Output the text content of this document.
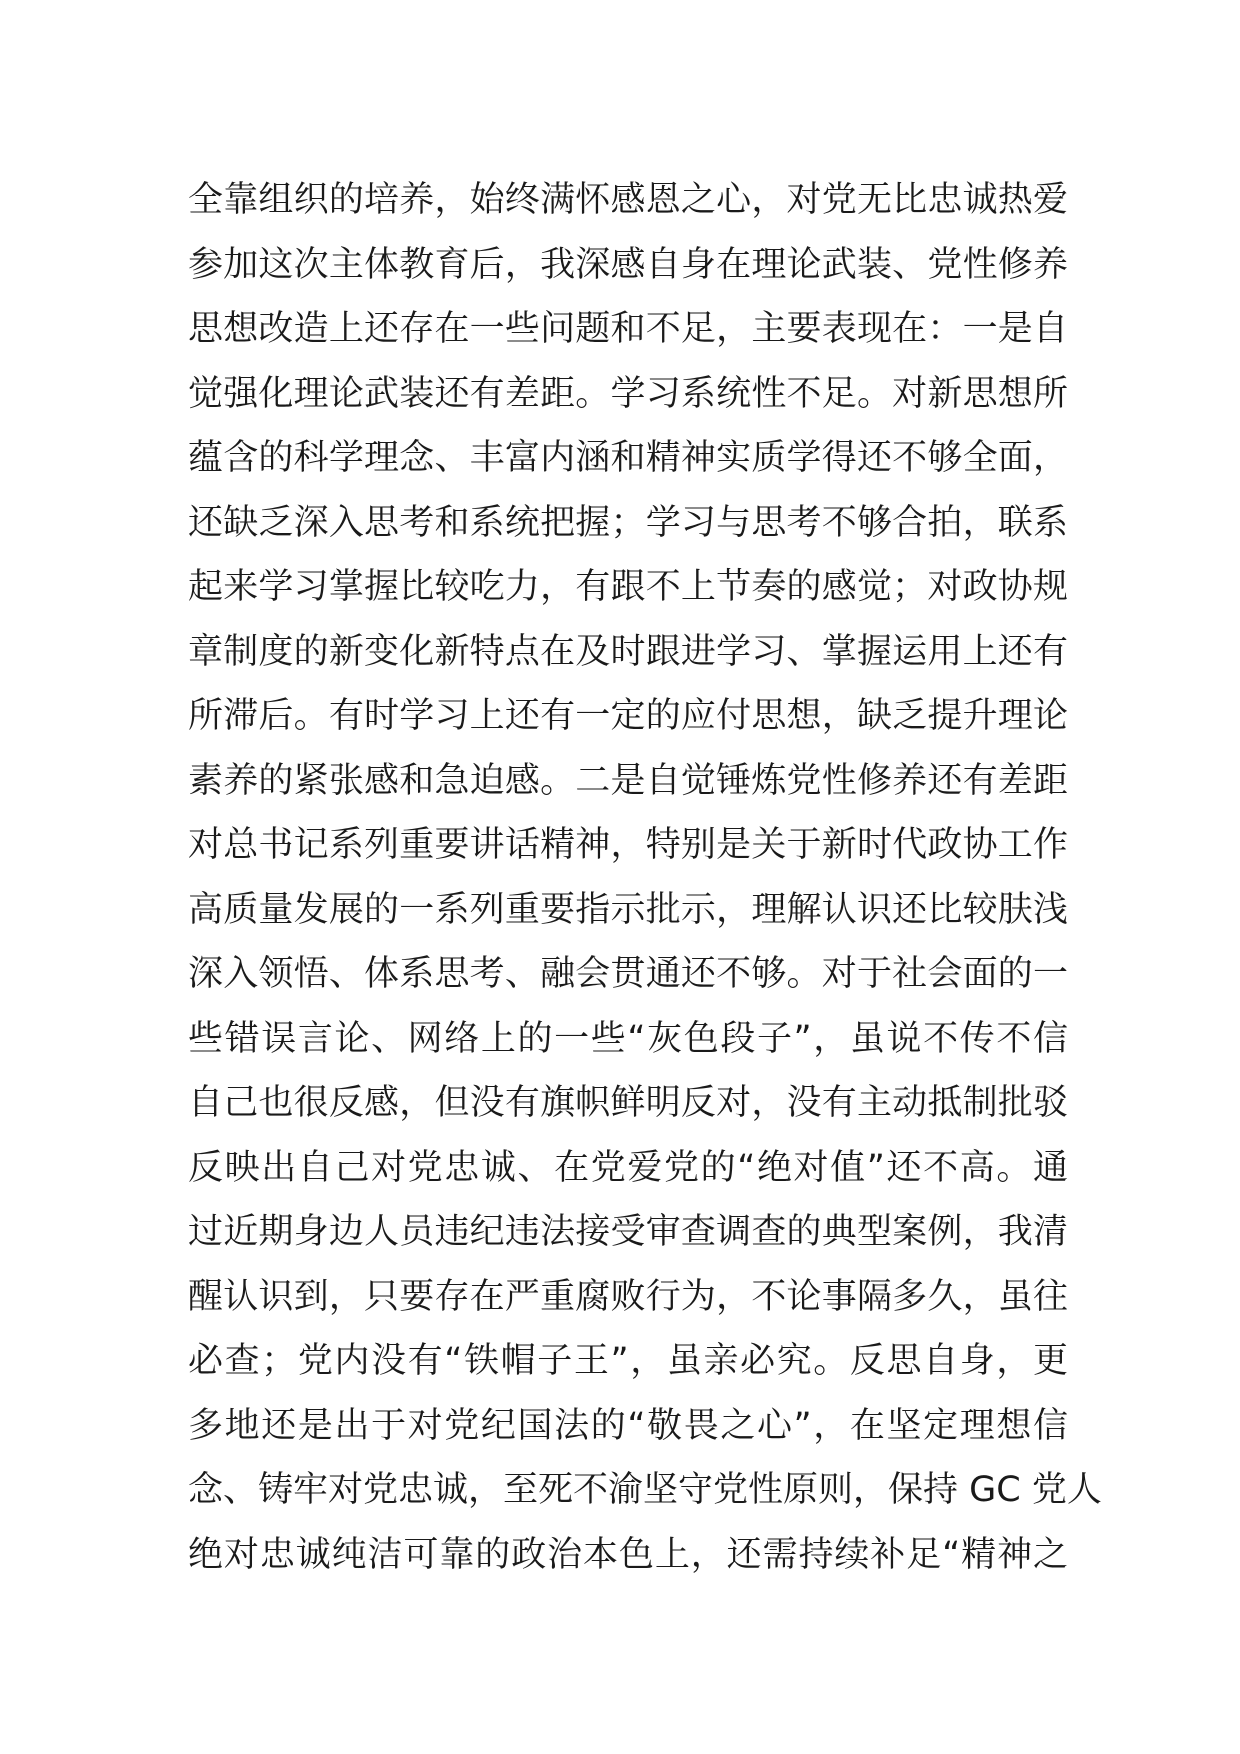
全靠组织的培养，始终满怀感恩之心，对党无比忠诚热爱
参加这次主体教育后，我深感自身在理论武装、党性修养
思想改造上还存在一些问题和不足，主要表现在：一是自
觉强化理论武装还有差距。学习系统性不足。对新思想所
蕴含的科学理念、丰富内涵和精神实质学得还不够全面，
还缺乏深入思考和系统把握；学习与思考不够合拍，联系
起来学习掌握比较吃力，有跟不上节奏的感觉；对政协规
章制度的新变化新特点在及时跟进学习、掌握运用上还有
所滞后。有时学习上还有一定的应付思想，缺乏提升理论
素养的紧张感和急迫感。二是自觉锤炼党性修养还有差距
对总书记系列重要讲话精神，特别是关于新时代政协工作
高质量发展的一系列重要指示批示，理解认识还比较肤浅
深入领悟、体系思考、融会贯通还不够。对于社会面的一
些错误言论、网络上的一些“灰色段子”，虽说不传不信
自己也很反感，但没有旗帜鲜明反对，没有主动抵制批驳
反映出自己对党忠诚、在党爱党的“绝对值”还不高。通
过近期身边人员违纪违法接受审查调查的典型案例，我清
醒认识到，只要存在严重腐败行为，不论事隔多久，虽往
必查；党内没有“铁帽子王”，虽亲必究。反思自身，更
多地还是出于对党纪国法的“敬畏之心”，在坚定理想信
念、铸牢对党忠诚，至死不渝坚守党性原则，保持 GC 党人
绝对忠诚纯洁可靠的政治本色上，还需持续补足“精神之
